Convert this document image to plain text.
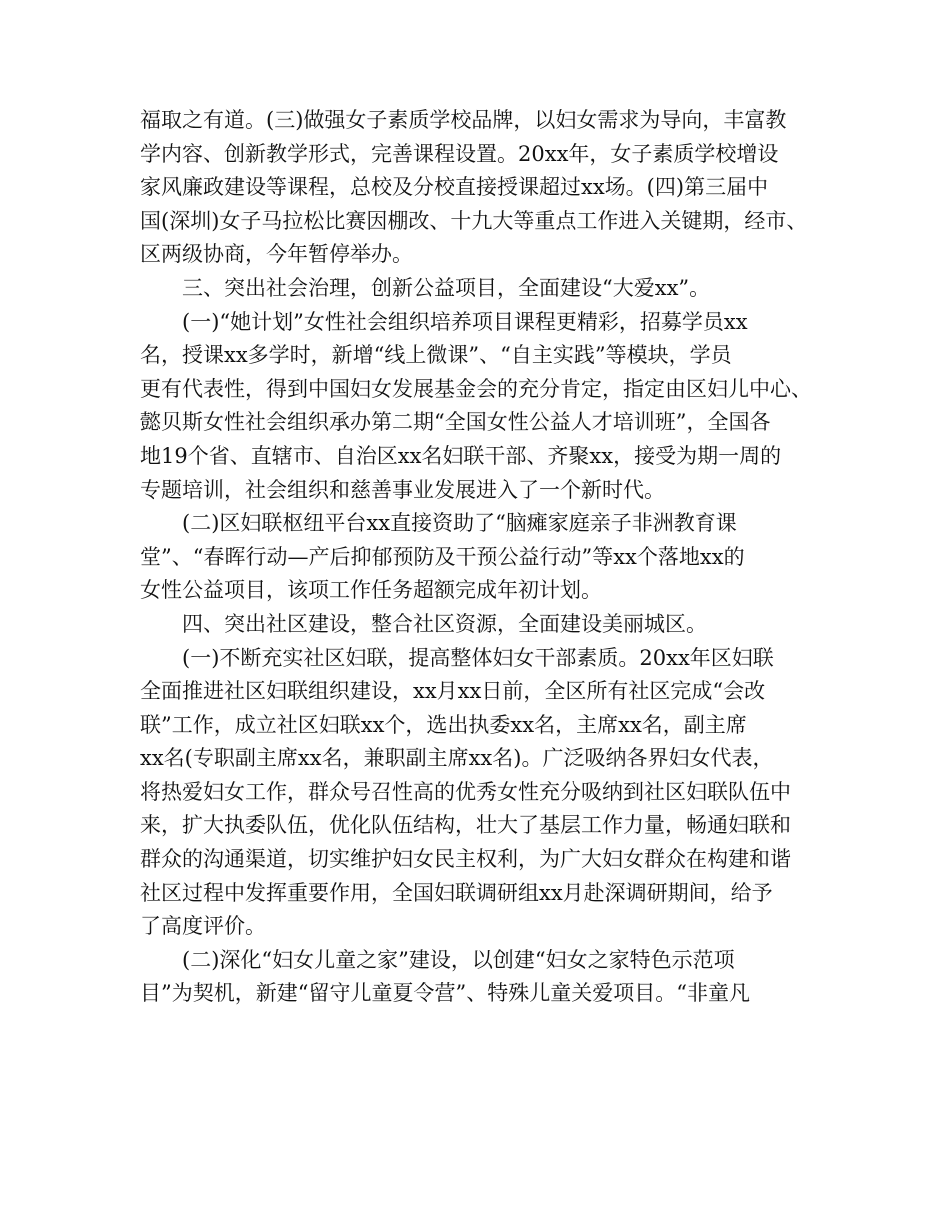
福取之有道。(三)做强女子素质学校品牌，以妇女需求为导向，丰富教
学内容、创新教学形式，完善课程设置。20xx年，女子素质学校增设
家风廉政建设等课程，总校及分校直接授课超过xx场。(四)第三届中
国(深圳)女子马拉松比赛因棚改、十九大等重点工作进入关键期，经市、
区两级协商，今年暂停举办。
三、突出社会治理，创新公益项目，全面建设“大爱xx”。
(一)“她计划”女性社会组织培养项目课程更精彩，招募学员xx
名，授课xx多学时，新增“线上微课”、“自主实践”等模块，学员
更有代表性，得到中国妇女发展基金会的充分肯定，指定由区妇儿中心、
懿贝斯女性社会组织承办第二期“全国女性公益人才培训班”，全国各
地19个省、直辖市、自治区xx名妇联干部、齐聚xx，接受为期一周的
专题培训，社会组织和慈善事业发展进入了一个新时代。
(二)区妇联枢纽平台xx直接资助了“脑瘫家庭亲子非洲教育课
堂”、“春晖行动—产后抑郁预防及干预公益行动”等xx个落地xx的
女性公益项目，该项工作任务超额完成年初计划。
四、突出社区建设，整合社区资源，全面建设美丽城区。
(一)不断充实社区妇联，提高整体妇女干部素质。20xx年区妇联
全面推进社区妇联组织建设，xx月xx日前，全区所有社区完成“会改
联”工作，成立社区妇联xx个，选出执委xx名，主席xx名，副主席
xx名(专职副主席xx名，兼职副主席xx名)。广泛吸纳各界妇女代表，
将热爱妇女工作，群众号召性高的优秀女性充分吸纳到社区妇联队伍中
来，扩大执委队伍，优化队伍结构，壮大了基层工作力量，畅通妇联和
群众的沟通渠道，切实维护妇女民主权利，为广大妇女群众在构建和谐
社区过程中发挥重要作用，全国妇联调研组xx月赴深调研期间，给予
了高度评价。
(二)深化“妇女儿童之家”建设，以创建“妇女之家特色示范项
目”为契机，新建“留守儿童夏令营”、特殊儿童关爱项目。“非童凡
